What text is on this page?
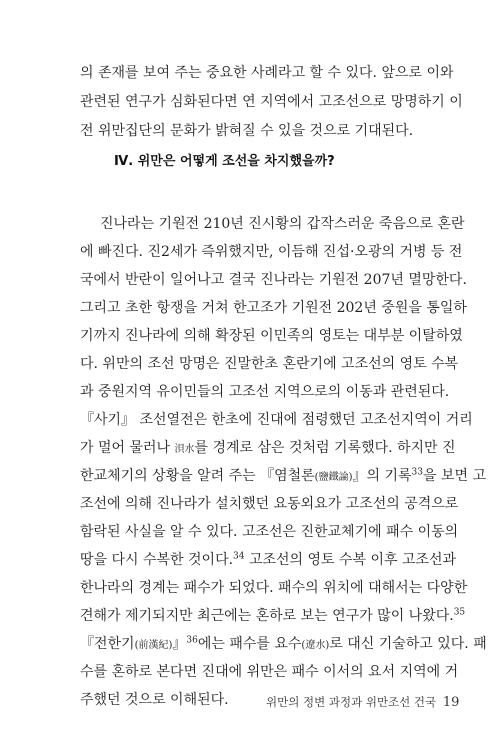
의 존재를 보여 주는 중요한 사례라고 할 수 있다. 앞으로 이와
관련된 연구가 심화된다면 연 지역에서 고조선으로 망명하기 이
전 위만집단의 문화가 밝혀질 수 있을 것으로 기대된다.
Ⅳ. 위만은 어떻게 조선을 차지했을까?
진나라는 기원전 210년 진시황의 갑작스러운 죽음으로 혼란
에 빠진다. 진2세가 즉위했지만, 이듬해 진섭·오광의 거병 등 전
국에서 반란이 일어나고 결국 진나라는 기원전 207년 멸망한다.
그리고 초한 항쟁을 거쳐 한고조가 기원전 202년 중원을 통일하
기까지 진나라에 의해 확장된 이민족의 영토는 대부분 이탈하였
다. 위만의 조선 망명은 진말한초 혼란기에 고조선의 영토 수복
과 중원지역 유이민들의 고조선 지역으로의 이동과 관련된다.
『사기』 조선열전은 한초에 진대에 점령했던 고조선지역이 거리
가 멀어 물러나 浿水를 경계로 삼은 것처럼 기록했다. 하지만 진
한교체기의 상황을 알려 주는 『염철론(鹽鐵論)』의 기록$^{33}$을 보면 고
조선에 의해 진나라가 설치했던 요동외요가 고조선의 공격으로
함락된 사실을 알 수 있다. 고조선은 진한교체기에 패수 이동의
땅을 다시 수복한 것이다.$^{34}$ 고조선의 영토 수복 이후 고조선과
한나라의 경계는 패수가 되었다. 패수의 위치에 대해서는 다양한
견해가 제기되지만 최근에는 혼하로 보는 연구가 많이 나왔다.$^{35}$
『전한기(前漢紀)』$^{36}$에는 패수를 요수(遼水)로 대신 기술하고 있다. 패
수를 혼하로 본다면 진대에 위만은 패수 이서의 요서 지역에 거
주했던 것으로 이해된다.	위만의 정변 과정과 위만조선 건국 19
